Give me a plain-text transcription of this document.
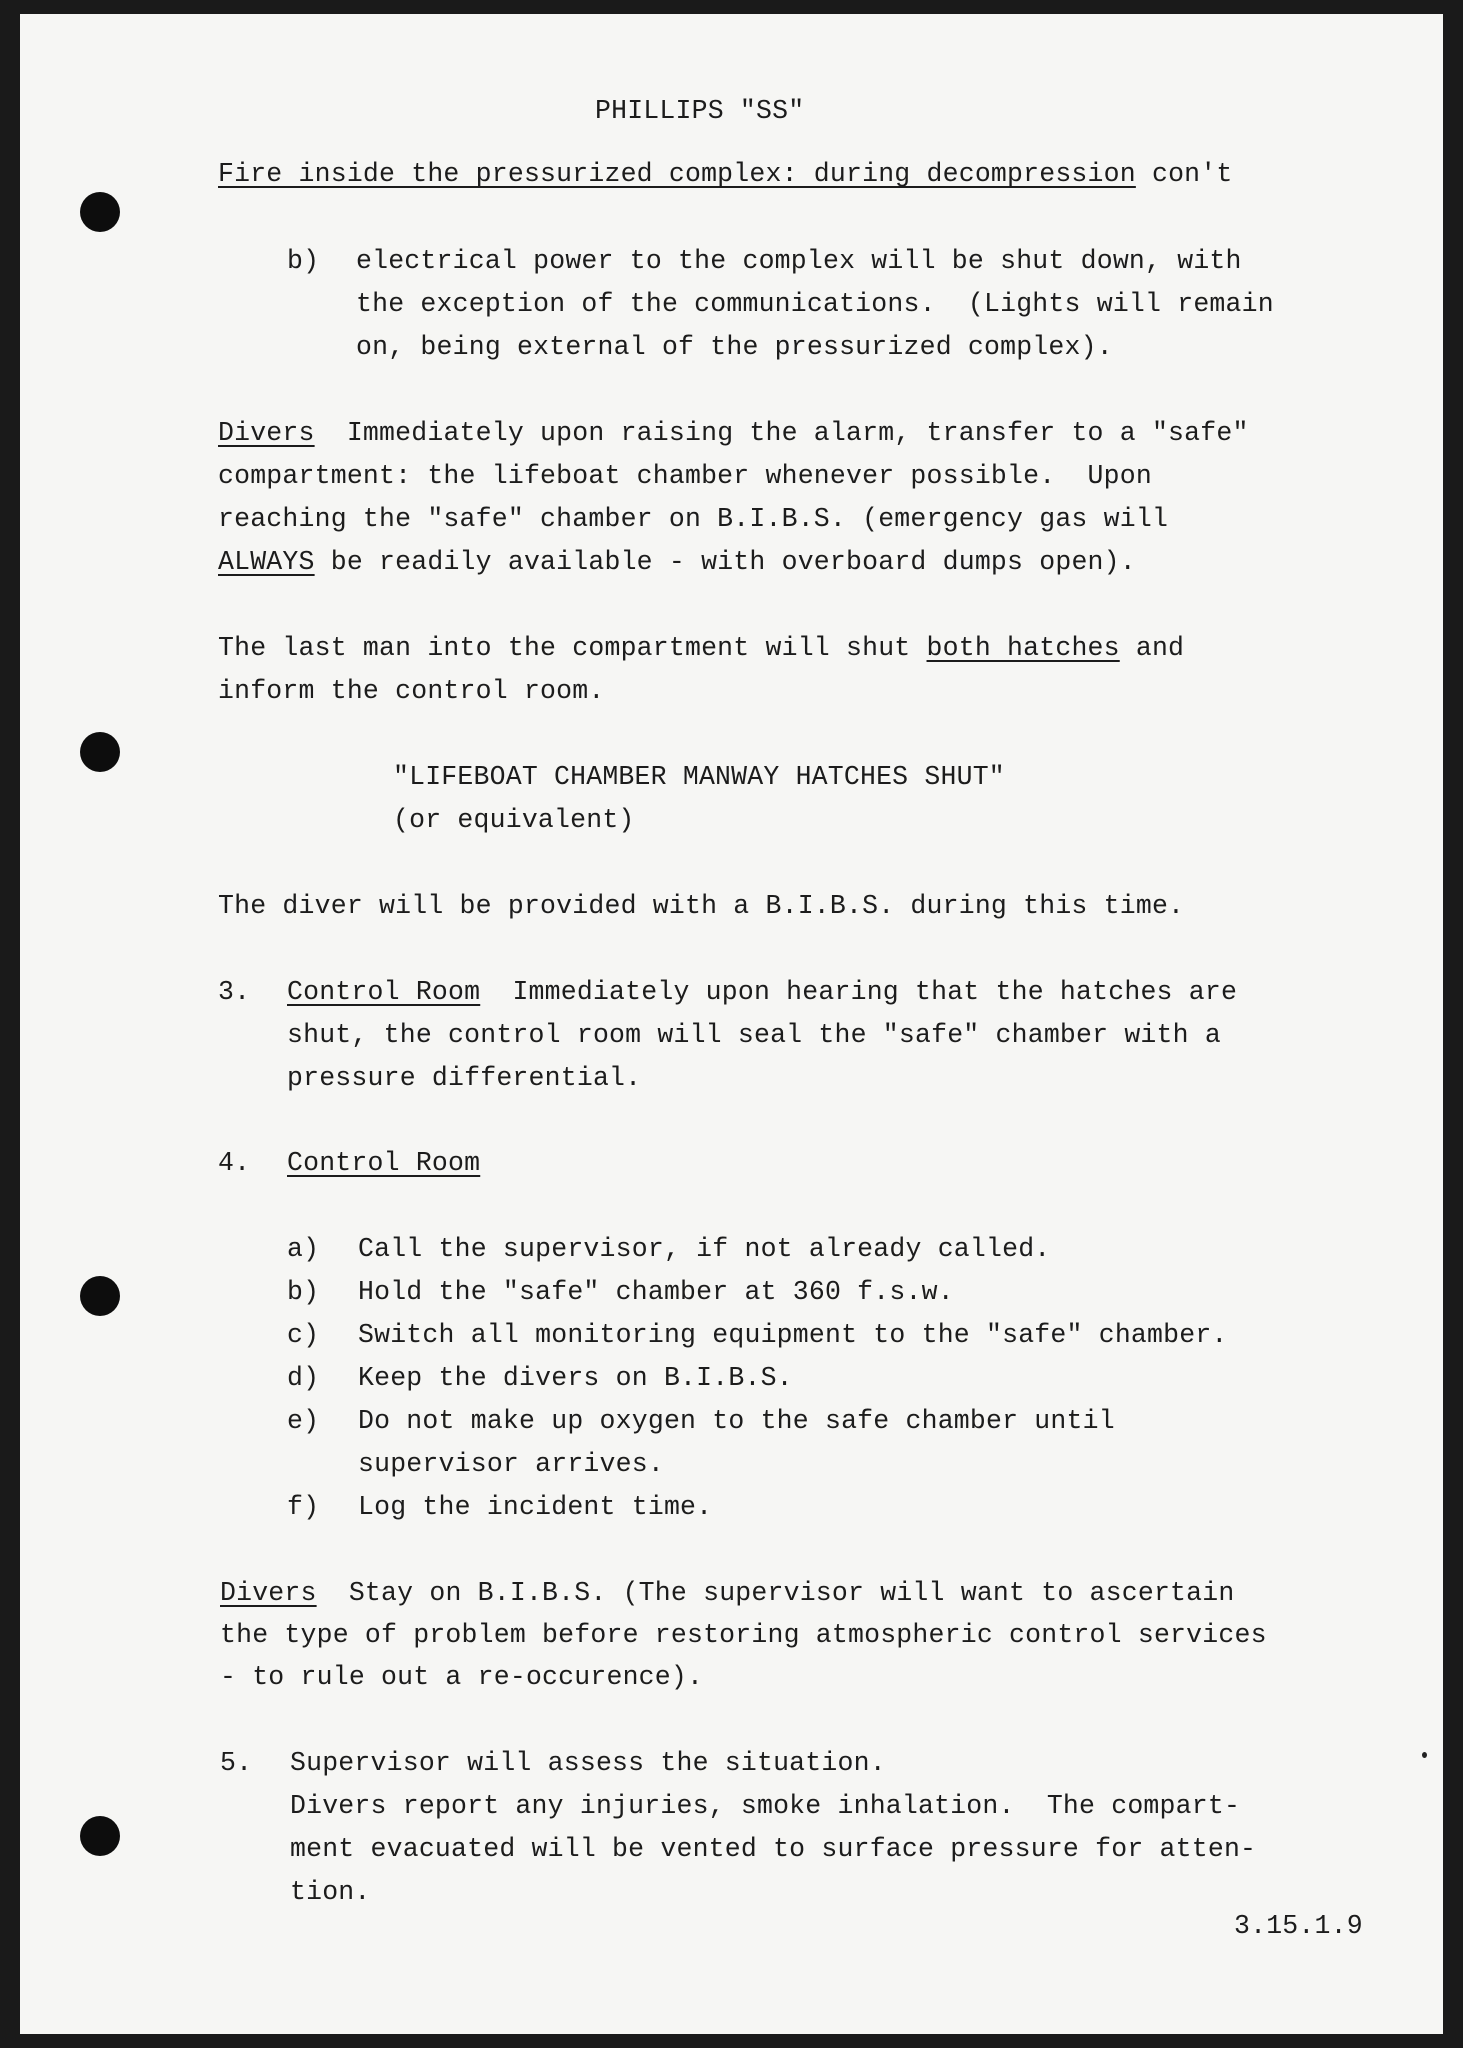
PHILLIPS "SS"
Fire inside the pressurized complex: during decompression con't
b) electrical power to the complex will be shut down, with
the exception of the communications.  (Lights will remain
on, being external of the pressurized complex).
Divers  Immediately upon raising the alarm, transfer to a "safe"
compartment: the lifeboat chamber whenever possible.  Upon
reaching the "safe" chamber on B.I.B.S. (emergency gas will
ALWAYS be readily available - with overboard dumps open).
The last man into the compartment will shut both hatches and
inform the control room.
"LIFEBOAT CHAMBER MANWAY HATCHES SHUT"
(or equivalent)
The diver will be provided with a B.I.B.S. during this time.
3. Control Room  Immediately upon hearing that the hatches are
shut, the control room will seal the "safe" chamber with a
pressure differential.
4. Control Room
a) Call the supervisor, if not already called.
b) Hold the "safe" chamber at 360 f.s.w.
c) Switch all monitoring equipment to the "safe" chamber.
d) Keep the divers on B.I.B.S.
e) Do not make up oxygen to the safe chamber until
supervisor arrives.
f) Log the incident time.
Divers  Stay on B.I.B.S. (The supervisor will want to ascertain
the type of problem before restoring atmospheric control services
- to rule out a re-occurence).
5. Supervisor will assess the situation.
Divers report any injuries, smoke inhalation.  The compart-
ment evacuated will be vented to surface pressure for atten-
tion.
3.15.1.9
